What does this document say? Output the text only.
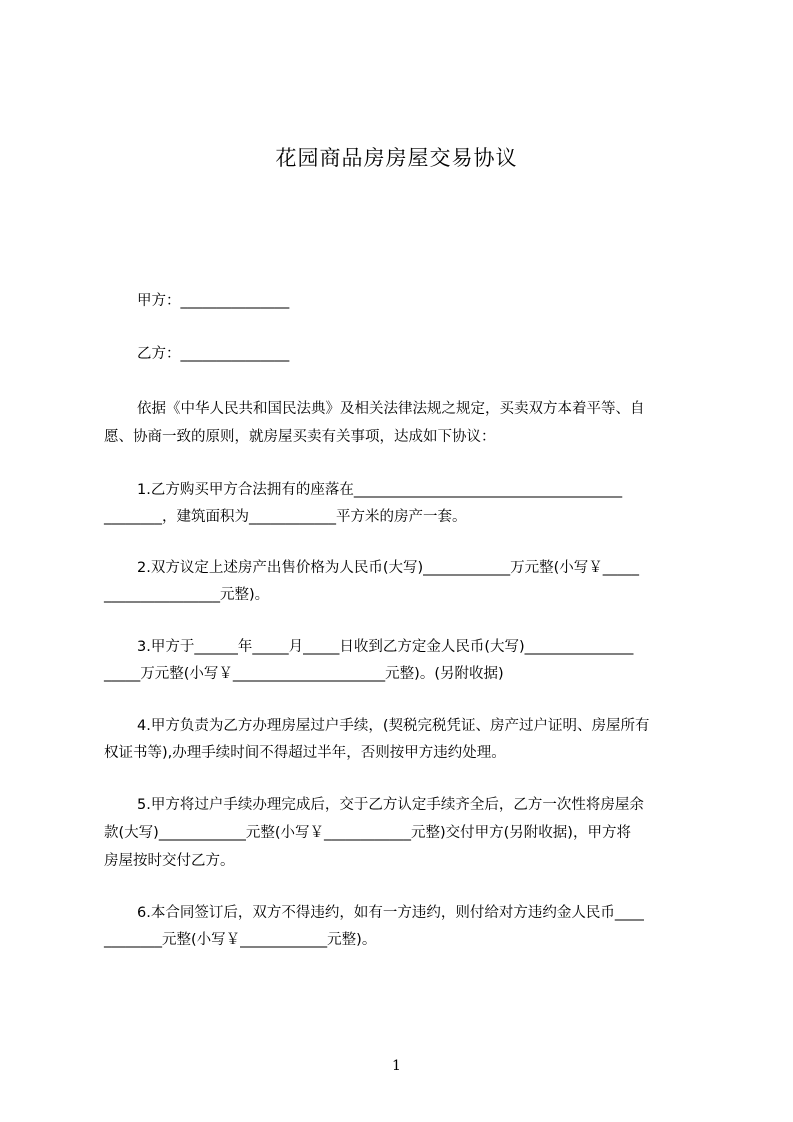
花园商品房房屋交易协议
甲方：_______________
乙方：_______________
依据《中华人民共和国民法典》及相关法律法规之规定，买卖双方本着平等、自
愿、协商一致的原则，就房屋买卖有关事项，达成如下协议：
1.乙方购买甲方合法拥有的座落在_____________________________________
________，建筑面积为____________平方米的房产一套。
2.双方议定上述房产出售价格为人民币(大写)____________万元整(小写￥_____
________________元整)。
3.甲方于______年_____月_____日收到乙方定金人民币(大写)_______________
_____万元整(小写￥_____________________元整)。(另附收据)
4.甲方负责为乙方办理房屋过户手续，(契税完税凭证、房产过户证明、房屋所有
权证书等),办理手续时间不得超过半年，否则按甲方违约处理。
5.甲方将过户手续办理完成后，交于乙方认定手续齐全后，乙方一次性将房屋余
款(大写)____________元整(小写￥____________元整)交付甲方(另附收据)，甲方将
房屋按时交付乙方。
6.本合同签订后，双方不得违约，如有一方违约，则付给对方违约金人民币____
________元整(小写￥____________元整)。
1
